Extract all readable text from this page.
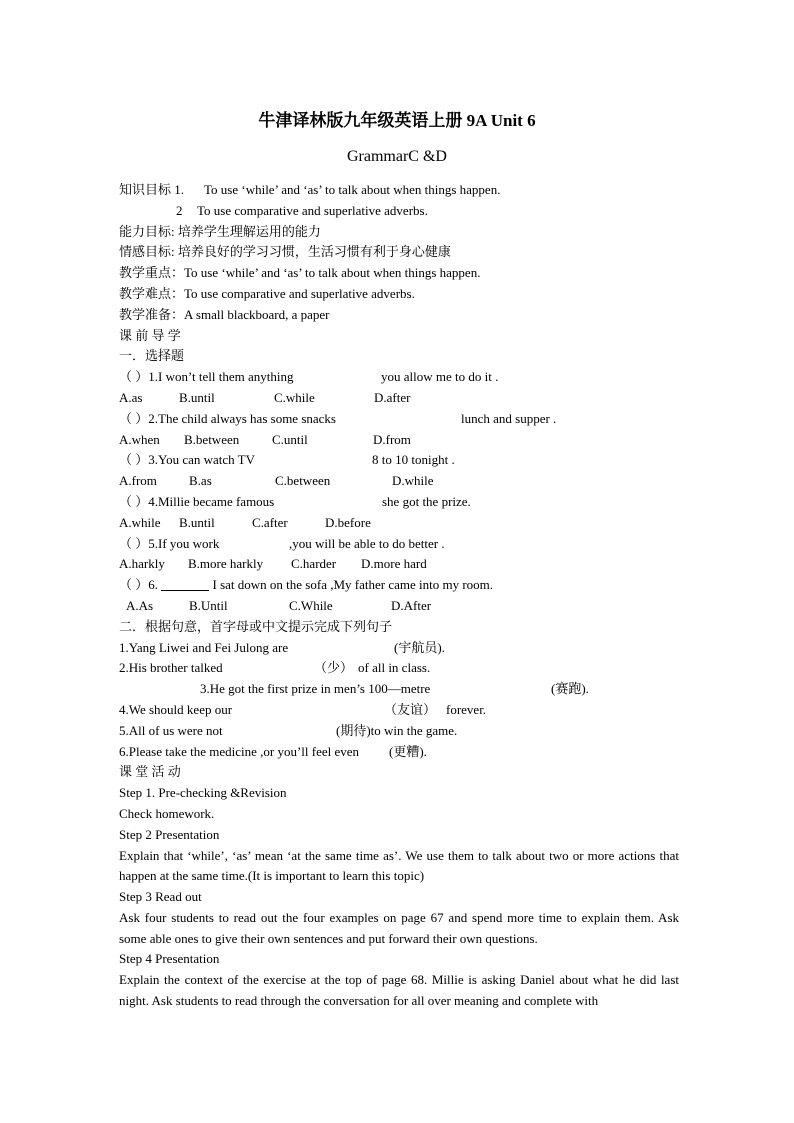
牛津译林版九年级英语上册 9A Unit 6
GrammarC &D
知识目标 1. To use ‘while’ and ‘as’ to talk about when things happen.
2 To use comparative and superlative adverbs.
能力目标: 培养学生理解运用的能力
情感目标: 培养良好的学习习惯，生活习惯有利于身心健康
教学重点：To use ‘while’ and ‘as’ to talk about when things happen.
教学难点：To use comparative and superlative adverbs.
教学准备：A small blackboard, a paper
课 前 导 学
一．选择题
（ ）1.I won’t tell them anything	you allow me to do it .
A.as	B.until	C.while	D.after
（ ）2.The child always has some snacks	lunch and supper .
A.when B.between	C.until	D.from
（ ）3.You can watch TV	8 to 10 tonight .
A.from B.as	C.between	D.while
（ ）4.Millie became famous	she got the prize.
A.while B.until	C.after	D.before
（ ）5.If you work	,you will be able to do better .
A.harkly B.more harkly C.harder D.more hard
（ ）6.	I sat down on the sofa ,My father came into my room.
A.As	B.Until	C.While	D.After
二．根据句意，首字母或中文提示完成下列句子
1.Yang Liwei and Fei Julong are	(宇航员).
2.His brother talked	（少） of all in class.
3.He got the first prize in men’s 100—metre	(赛跑).
4.We should keep our	（友谊） forever.
5.All of us were not	(期待)to win the game.
6.Please take the medicine ,or you’ll feel even (更糟).
课 堂 活 动
Step 1. Pre-checking &Revision
Check homework.
Step 2 Presentation
Explain that ‘while’, ‘as’ mean ‘at the same time as’. We use them to talk about two or more actions that happen at the same time.(It is important to learn this topic)
Step 3 Read out
Ask four students to read out the four examples on page 67 and spend more time to explain them. Ask some able ones to give their own sentences and put forward their own questions.
Step 4 Presentation
Explain the context of the exercise at the top of page 68. Millie is asking Daniel about what he did last night. Ask students to read through the conversation for all over meaning and complete with
